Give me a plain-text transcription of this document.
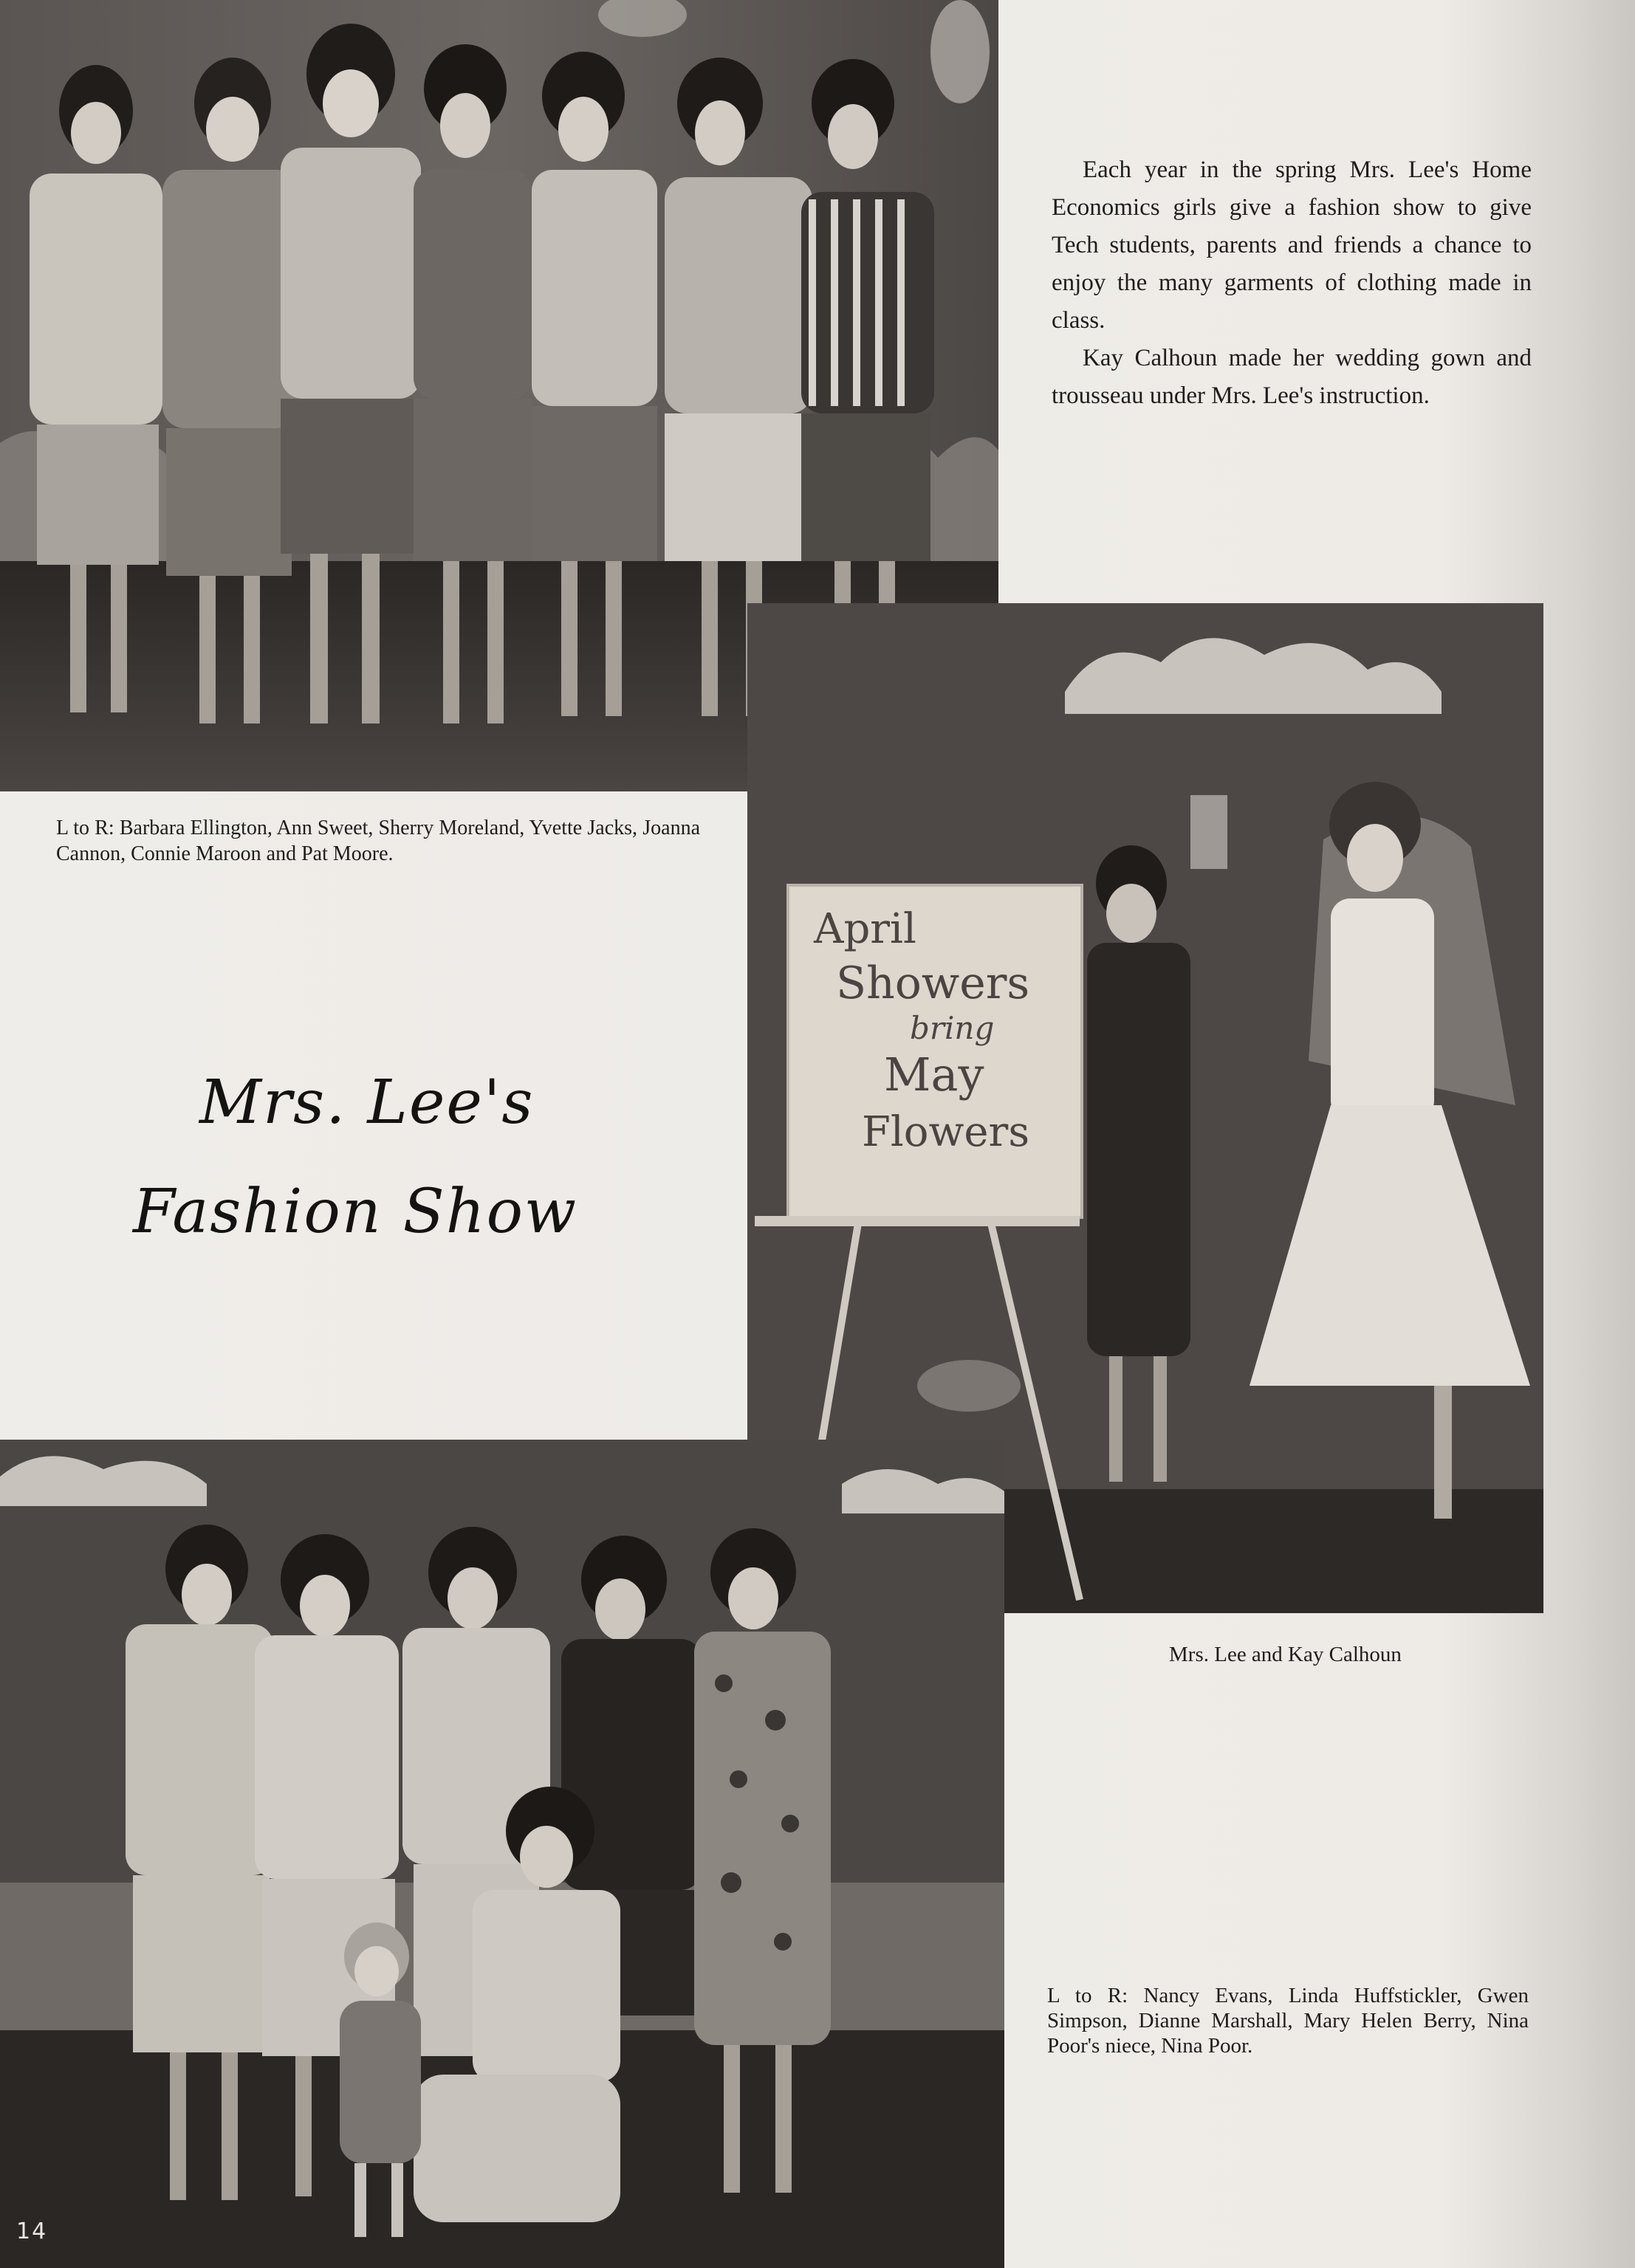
April
Showers
bring
May
Flowers

Each year in the spring Mrs. Lee's Home Economics girls give a fashion show to give Tech students, parents and friends a chance to enjoy the many garments of clothing made in class.

Kay Calhoun made her wedding gown and trousseau under Mrs. Lee's instruction.

L to R: Barbara Ellington, Ann Sweet, Sherry Moreland, Yvette Jacks, Joanna Cannon, Connie Maroon and Pat Moore.
Mrs. Lee and Kay Calhoun
L to R: Nancy Evans, Linda Huffstickler, Gwen Simpson, Dianne Marshall, Mary Helen Berry, Nina Poor's niece, Nina Poor.
Mrs. Lee's
Fashion Show
14
